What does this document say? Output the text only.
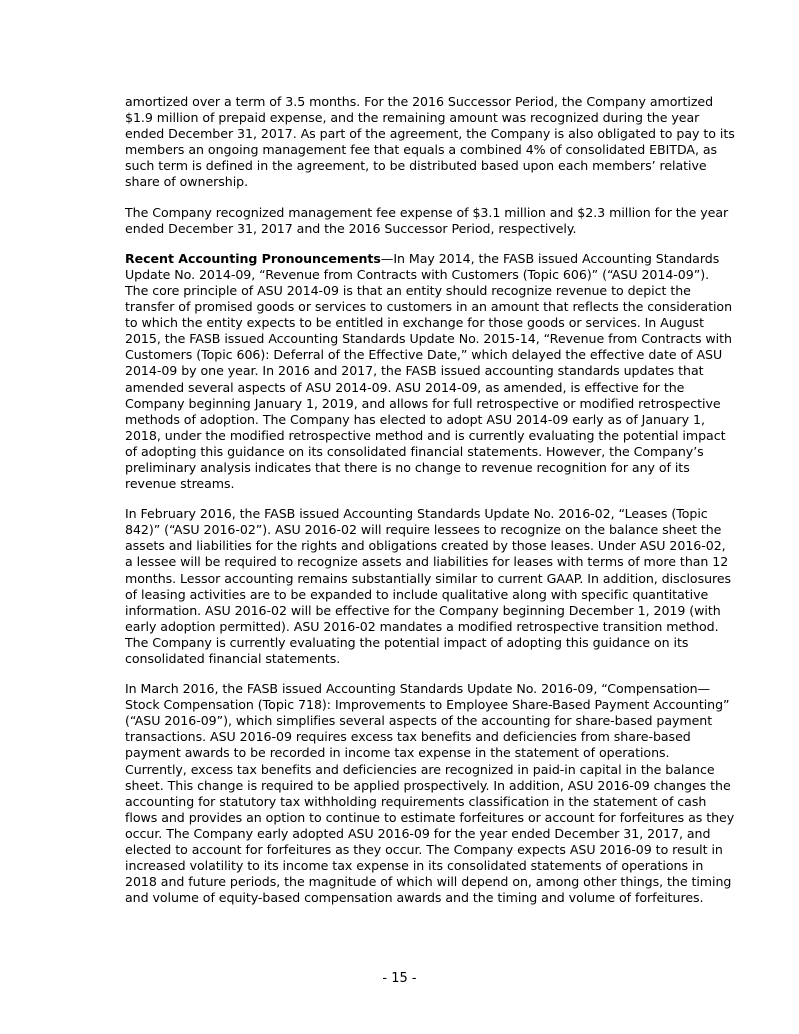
amortized over a term of 3.5 months. For the 2016 Successor Period, the Company amortized $1.9 million of prepaid expense, and the remaining amount was recognized during the year ended December 31, 2017. As part of the agreement, the Company is also obligated to pay to its members an ongoing management fee that equals a combined 4% of consolidated EBITDA, as such term is defined in the agreement, to be distributed based upon each members’ relative share of ownership.

The Company recognized management fee expense of $3.1 million and $2.3 million for the year ended December 31, 2017 and the 2016 Successor Period, respectively.

Recent Accounting Pronouncements—In May 2014, the FASB issued Accounting Standards Update No. 2014-09, “Revenue from Contracts with Customers (Topic 606)” (“ASU 2014-09”). The core principle of ASU 2014-09 is that an entity should recognize revenue to depict the transfer of promised goods or services to customers in an amount that reflects the consideration to which the entity expects to be entitled in exchange for those goods or services. In August 2015, the FASB issued Accounting Standards Update No. 2015-14, “Revenue from Contracts with Customers (Topic 606): Deferral of the Effective Date,” which delayed the effective date of ASU 2014-09 by one year. In 2016 and 2017, the FASB issued accounting standards updates that amended several aspects of ASU 2014-09. ASU 2014-09, as amended, is effective for the Company beginning January 1, 2019, and allows for full retrospective or modified retrospective methods of adoption. The Company has elected to adopt ASU 2014-09 early as of January 1, 2018, under the modified retrospective method and is currently evaluating the potential impact of adopting this guidance on its consolidated financial statements. However, the Company’s preliminary analysis indicates that there is no change to revenue recognition for any of its revenue streams.

In February 2016, the FASB issued Accounting Standards Update No. 2016-02, “Leases (Topic 842)” (“ASU 2016-02”). ASU 2016-02 will require lessees to recognize on the balance sheet the assets and liabilities for the rights and obligations created by those leases. Under ASU 2016-02, a lessee will be required to recognize assets and liabilities for leases with terms of more than 12 months. Lessor accounting remains substantially similar to current GAAP. In addition, disclosures of leasing activities are to be expanded to include qualitative along with specific quantitative information. ASU 2016-02 will be effective for the Company beginning December 1, 2019 (with early adoption permitted). ASU 2016-02 mandates a modified retrospective transition method. The Company is currently evaluating the potential impact of adopting this guidance on its consolidated financial statements.

In March 2016, the FASB issued Accounting Standards Update No. 2016-09, “Compensation—Stock Compensation (Topic 718): Improvements to Employee Share-Based Payment Accounting” (“ASU 2016-09”), which simplifies several aspects of the accounting for share-based payment transactions. ASU 2016-09 requires excess tax benefits and deficiencies from share-based payment awards to be recorded in income tax expense in the statement of operations. Currently, excess tax benefits and deficiencies are recognized in paid-in capital in the balance sheet. This change is required to be applied prospectively. In addition, ASU 2016-09 changes the accounting for statutory tax withholding requirements classification in the statement of cash flows and provides an option to continue to estimate forfeitures or account for forfeitures as they occur. The Company early adopted ASU 2016-09 for the year ended December 31, 2017, and elected to account for forfeitures as they occur. The Company expects ASU 2016-09 to result in increased volatility to its income tax expense in its consolidated statements of operations in 2018 and future periods, the magnitude of which will depend on, among other things, the timing and volume of equity-based compensation awards and the timing and volume of forfeitures.

- 15 -
